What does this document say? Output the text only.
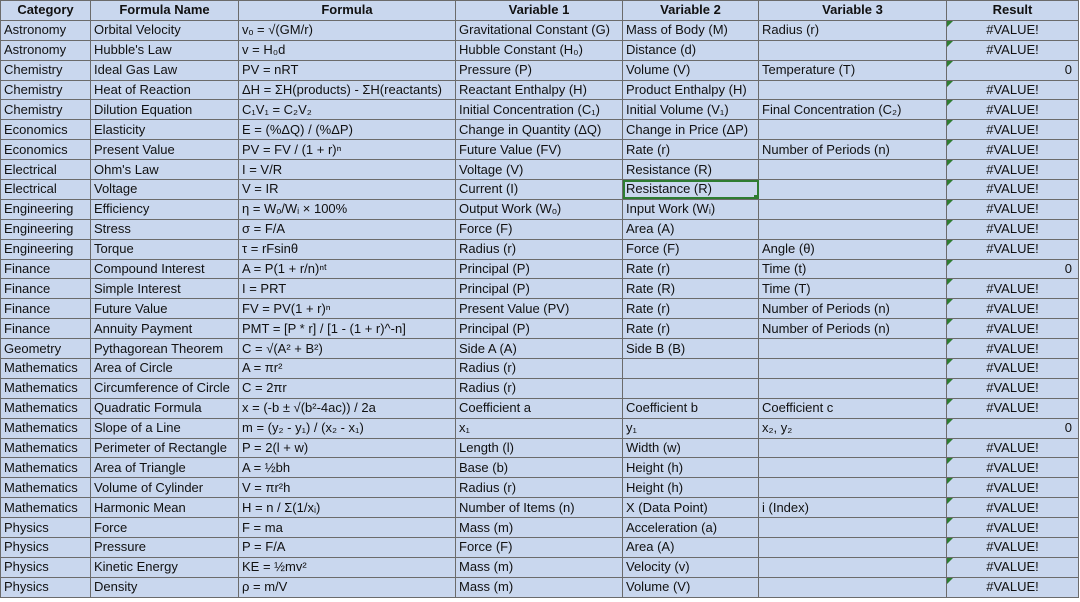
Category	Formula Name	Formula	Variable 1	Variable 2	Variable 3	Result
Astronomy	Orbital Velocity	vₒ = √(GM/r)	Gravitational Constant (G)	Mass of Body (M)	Radius (r)	#VALUE!

Astronomy	Hubble's Law	v = H₀d	Hubble Constant (H₀)	Distance (d)		#VALUE!

Chemistry	Ideal Gas Law	PV = nRT	Pressure (P)	Volume (V)	Temperature (T)	0

Chemistry	Heat of Reaction	ΔH = ΣH(products) - ΣH(reactants)	Reactant Enthalpy (H)	Product Enthalpy (H)		#VALUE!

Chemistry	Dilution Equation	C₁V₁ = C₂V₂	Initial Concentration (C₁)	Initial Volume (V₁)	Final Concentration (C₂)	#VALUE!

Economics	Elasticity	E = (%ΔQ) / (%ΔP)	Change in Quantity (ΔQ)	Change in Price (ΔP)		#VALUE!

Economics	Present Value	PV = FV / (1 + r)ⁿ	Future Value (FV)	Rate (r)	Number of Periods (n)	#VALUE!

Electrical	Ohm's Law	I = V/R	Voltage (V)	Resistance (R)		#VALUE!

Electrical	Voltage	V = IR	Current (I)	Resistance (R)		#VALUE!

Engineering	Efficiency	η = Wₒ/Wᵢ × 100%	Output Work (Wₒ)	Input Work (Wᵢ)		#VALUE!

Engineering	Stress	σ = F/A	Force (F)	Area (A)		#VALUE!

Engineering	Torque	τ = rFsinθ	Radius (r)	Force (F)	Angle (θ)	#VALUE!

Finance	Compound Interest	A = P(1 + r/n)ⁿᵗ	Principal (P)	Rate (r)	Time (t)	0

Finance	Simple Interest	I = PRT	Principal (P)	Rate (R)	Time (T)	#VALUE!

Finance	Future Value	FV = PV(1 + r)ⁿ	Present Value (PV)	Rate (r)	Number of Periods (n)	#VALUE!

Finance	Annuity Payment	PMT = [P * r] / [1 - (1 + r)^-n]	Principal (P)	Rate (r)	Number of Periods (n)	#VALUE!

Geometry	Pythagorean Theorem	C = √(A² + B²)	Side A (A)	Side B (B)		#VALUE!

Mathematics	Area of Circle	A = πr²	Radius (r)			#VALUE!

Mathematics	Circumference of Circle	C = 2πr	Radius (r)			#VALUE!

Mathematics	Quadratic Formula	x = (-b ± √(b²-4ac)) / 2a	Coefficient a	Coefficient b	Coefficient c	#VALUE!

Mathematics	Slope of a Line	m = (y₂ - y₁) / (x₂ - x₁)	x₁	y₁	x₂, y₂	0

Mathematics	Perimeter of Rectangle	P = 2(l + w)	Length (l)	Width (w)		#VALUE!

Mathematics	Area of Triangle	A = ½bh	Base (b)	Height (h)		#VALUE!

Mathematics	Volume of Cylinder	V = πr²h	Radius (r)	Height (h)		#VALUE!

Mathematics	Harmonic Mean	H = n / Σ(1/xᵢ)	Number of Items (n)	X (Data Point)	i (Index)	#VALUE!

Physics	Force	F = ma	Mass (m)	Acceleration (a)		#VALUE!

Physics	Pressure	P = F/A	Force (F)	Area (A)		#VALUE!

Physics	Kinetic Energy	KE = ½mv²	Mass (m)	Velocity (v)		#VALUE!

Physics	Density	ρ = m/V	Mass (m)	Volume (V)		#VALUE!
